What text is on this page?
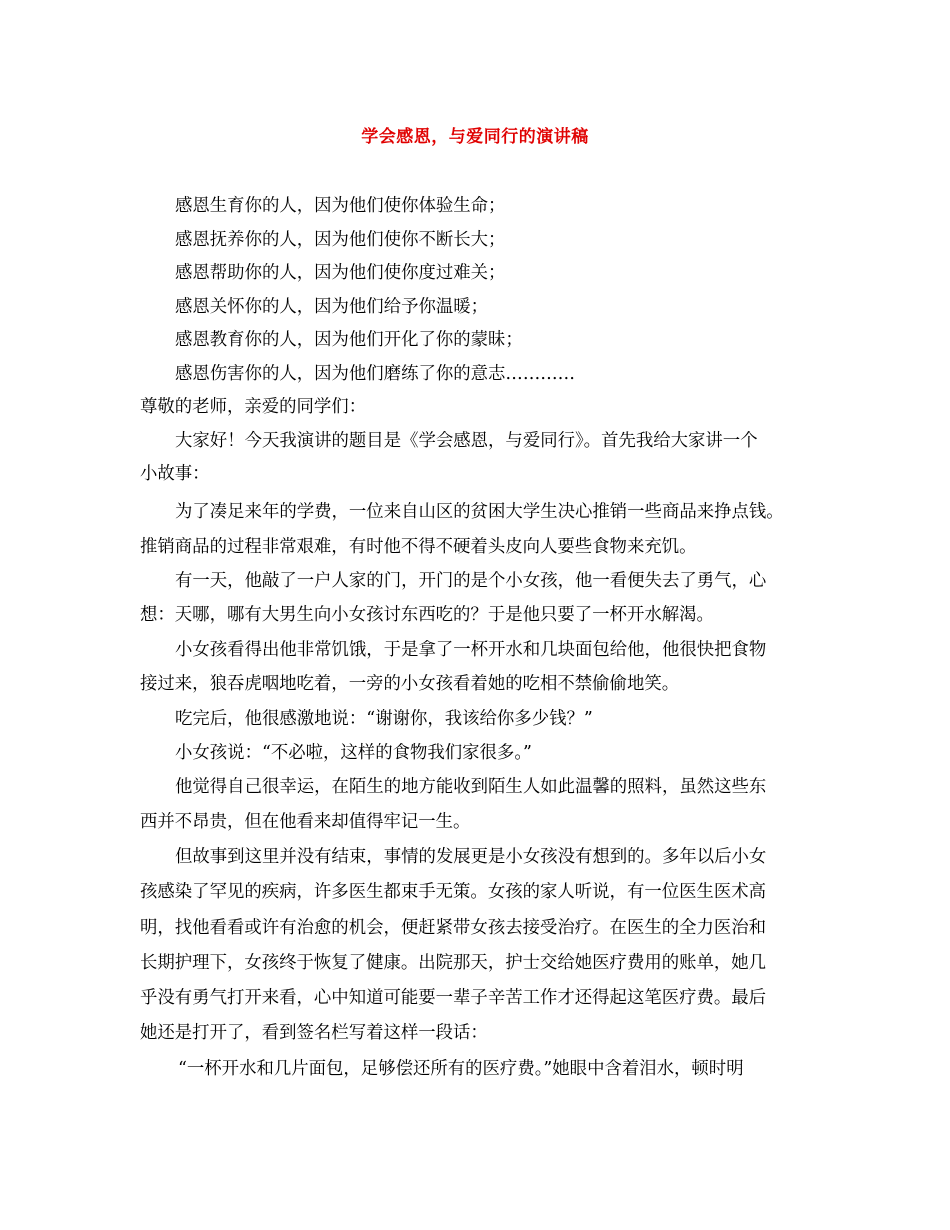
学会感恩，与爱同行的演讲稿
感恩生育你的人，因为他们使你体验生命；
感恩抚养你的人，因为他们使你不断长大；
感恩帮助你的人，因为他们使你度过难关；
感恩关怀你的人，因为他们给予你温暖；
感恩教育你的人，因为他们开化了你的蒙昧；
感恩伤害你的人，因为他们磨练了你的意志…………
尊敬的老师，亲爱的同学们：
大家好！今天我演讲的题目是《学会感恩，与爱同行》。首先我给大家讲一个
小故事：
为了凑足来年的学费，一位来自山区的贫困大学生决心推销一些商品来挣点钱。
推销商品的过程非常艰难，有时他不得不硬着头皮向人要些食物来充饥。
有一天，他敲了一户人家的门，开门的是个小女孩，他一看便失去了勇气，心
想：天哪，哪有大男生向小女孩讨东西吃的？于是他只要了一杯开水解渴。
小女孩看得出他非常饥饿，于是拿了一杯开水和几块面包给他，他很快把食物
接过来，狼吞虎咽地吃着，一旁的小女孩看着她的吃相不禁偷偷地笑。
吃完后，他很感激地说：“谢谢你，我该给你多少钱？”
小女孩说：“不必啦，这样的食物我们家很多。”
他觉得自己很幸运，在陌生的地方能收到陌生人如此温馨的照料，虽然这些东
西并不昂贵，但在他看来却值得牢记一生。
但故事到这里并没有结束，事情的发展更是小女孩没有想到的。多年以后小女
孩感染了罕见的疾病，许多医生都束手无策。女孩的家人听说，有一位医生医术高
明，找他看看或许有治愈的机会，便赶紧带女孩去接受治疗。在医生的全力医治和
长期护理下，女孩终于恢复了健康。出院那天，护士交给她医疗费用的账单，她几
乎没有勇气打开来看，心中知道可能要一辈子辛苦工作才还得起这笔医疗费。最后
她还是打开了，看到签名栏写着这样一段话：
“一杯开水和几片面包，足够偿还所有的医疗费。”她眼中含着泪水，顿时明
